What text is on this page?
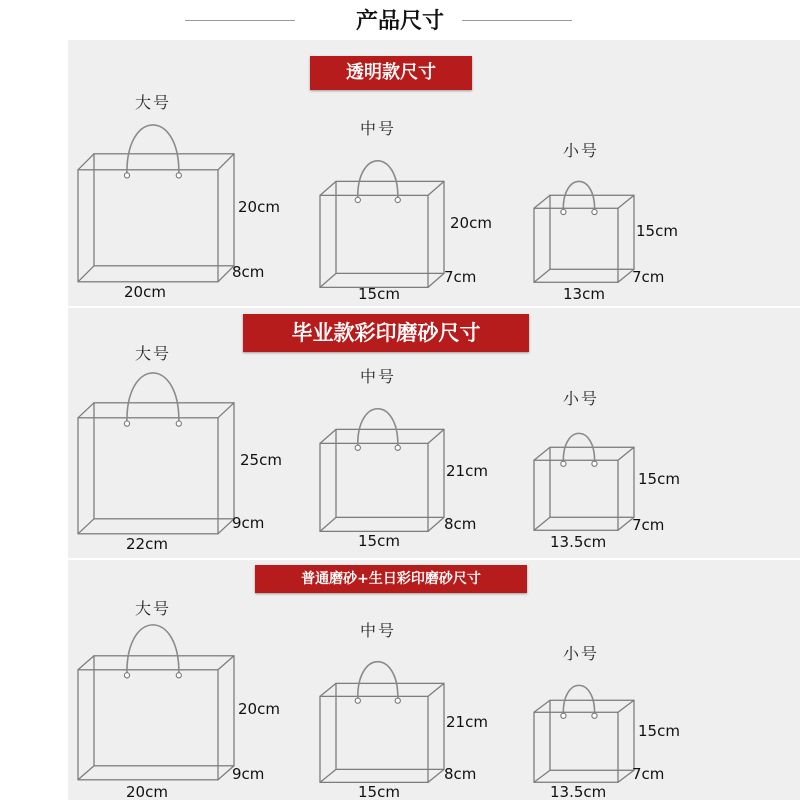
产品尺寸
透明款尺寸
毕业款彩印磨砂尺寸
普通磨砂+生日彩印磨砂尺寸
大号
20cm
8cm
20cm
中号
20cm
7cm
15cm
小号
15cm
7cm
13cm
大号
25cm
9cm
22cm
中号
21cm
8cm
15cm
小号
15cm
7cm
13.5cm
大号
20cm
9cm
20cm
中号
21cm
8cm
15cm
小号
15cm
7cm
13.5cm
